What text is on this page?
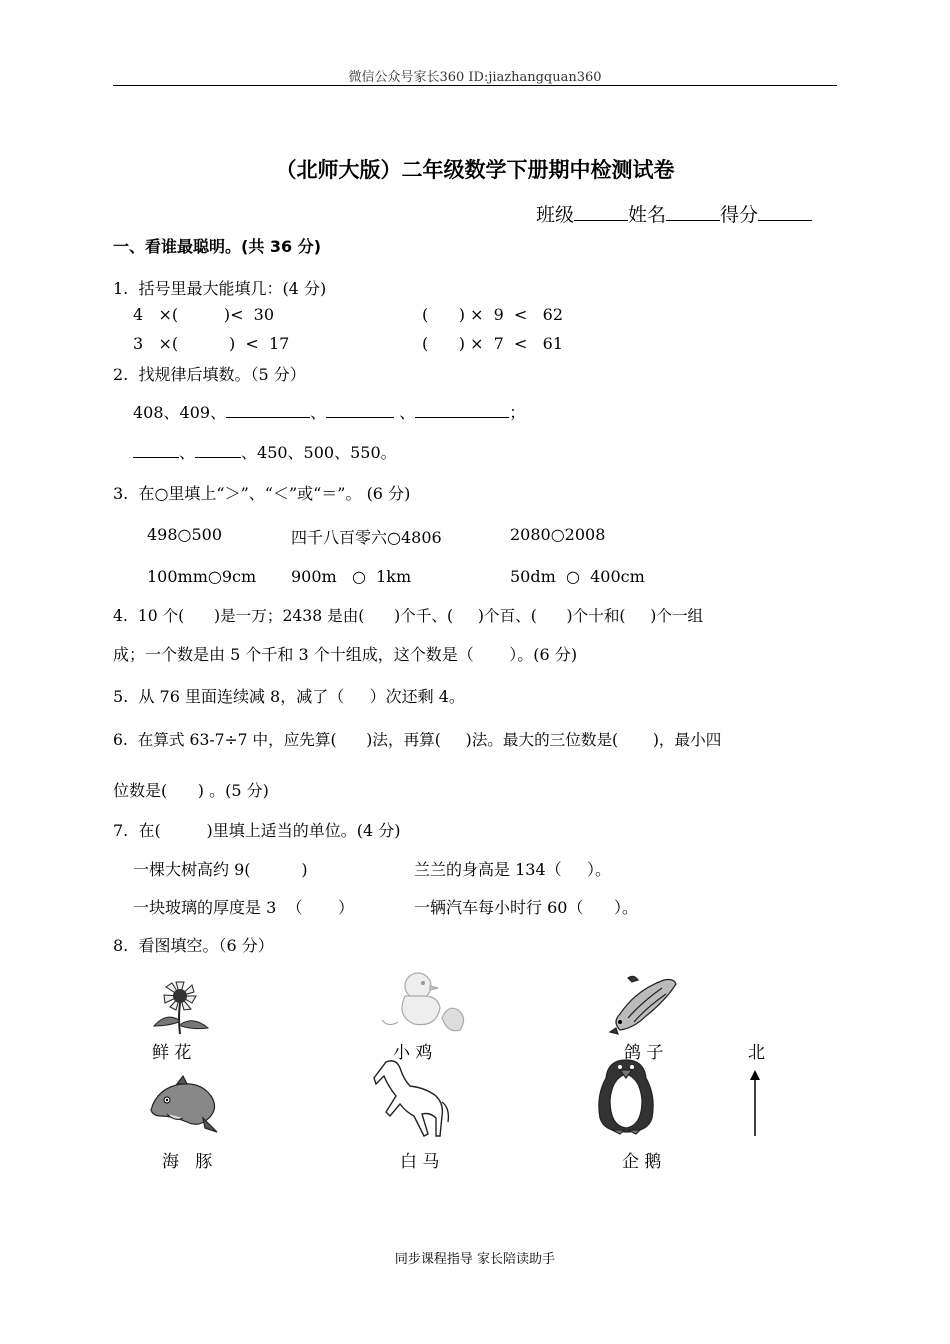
微信公众号家长360 ID:jiazhangquan360
（北师大版）二年级数学下册期中检测试卷
班级	姓名	得分
一、看谁最聪明。(共 36 分)
1.  括号里最大能填几：(4 分)
4   ×(         )<  30	(      ) ×  9  <   62
3   ×(          )  <  17	(      ) ×  7  <   61
2.  找规律后填数。（5 分）
408、409、	、	、	；
、	、450、500、550。
3.  在○里填上“＞”、“＜”或“＝”。 (6 分)
498○500	四千八百零六○4806	2080○2008
100mm○9cm 900m   ○  1km	50dm  ○  400cm
4.  10 个(      )是一万；2438 是由(      )个千、(     )个百、(      )个十和(     )个一组
成；一个数是由 5 个千和 3 个十组成，这个数是（       ）。(6 分)
5.  从 76 里面连续减 8，减了（     ）次还剩 4。
6.  在算式 63-7÷7 中，应先算(      )法，再算(     )法。最大的三位数是(       )，最小四
位数是(      ) 。(5 分)
7.  在(         )里填上适当的单位。(4 分)
一棵大树高约 9(          )	兰兰的身高是 134（     ）。
一块玻璃的厚度是 3  （       ）	一辆汽车每小时行 60（      ）。
8.  看图填空。（6 分）
鲜 花	小 鸡	鸽 子	北
海   豚	白 马	企 鹅
同步课程指导 家长陪读助手
